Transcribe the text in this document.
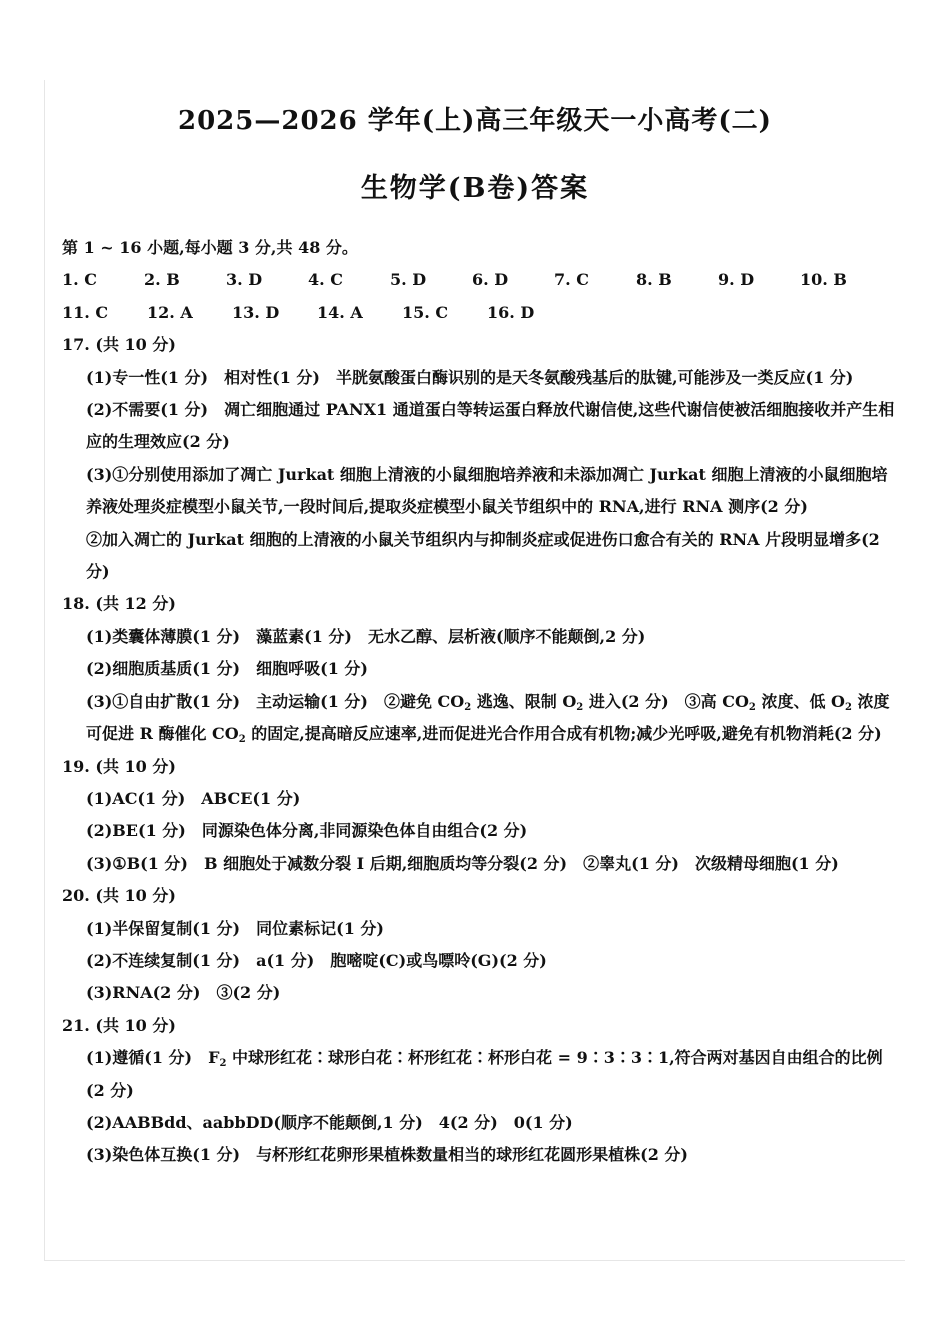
2025—2026 学年(上)高三年级天一小高考(二)
生物学(B卷)答案
第 1 ~ 16 小题,每小题 3 分,共 48 分。
1. C	2. B	3. D	4. C	5. D	6. D	7. C	8. B	9. D	10. B
11. C 12. A 13. D 14. A 15. C 16. D
17. (共 10 分)
(1)专一性(1 分)　相对性(1 分)　半胱氨酸蛋白酶识别的是天冬氨酸残基后的肽键,可能涉及一类反应(1 分)
(2)不需要(1 分)　凋亡细胞通过 PANX1 通道蛋白等转运蛋白释放代谢信使,这些代谢信使被活细胞接收并产生相应的生理效应(2 分)
(3)①分别使用添加了凋亡 Jurkat 细胞上清液的小鼠细胞培养液和未添加凋亡 Jurkat 细胞上清液的小鼠细胞培养液处理炎症模型小鼠关节,一段时间后,提取炎症模型小鼠关节组织中的 RNA,进行 RNA 测序(2 分)
②加入凋亡的 Jurkat 细胞的上清液的小鼠关节组织内与抑制炎症或促进伤口愈合有关的 RNA 片段明显增多(2 分)
18. (共 12 分)
(1)类囊体薄膜(1 分)　藻蓝素(1 分)　无水乙醇、层析液(顺序不能颠倒,2 分)
(2)细胞质基质(1 分)　细胞呼吸(1 分)
(3)①自由扩散(1 分)　主动运输(1 分)　②避免 $CO_2$ 逃逸、限制 $O_2$ 进入(2 分)　③高 $CO_2$ 浓度、低 $O_2$ 浓度可促进 R 酶催化 $CO_2$ 的固定,提高暗反应速率,进而促进光合作用合成有机物;减少光呼吸,避免有机物消耗(2 分)
19. (共 10 分)
(1)AC(1 分)　ABCE(1 分)
(2)BE(1 分)　同源染色体分离,非同源染色体自由组合(2 分)
(3)①B(1 分)　B 细胞处于减数分裂 Ⅰ 后期,细胞质均等分裂(2 分)　②睾丸(1 分)　次级精母细胞(1 分)
20. (共 10 分)
(1)半保留复制(1 分)　同位素标记(1 分)
(2)不连续复制(1 分)　a(1 分)　胞嘧啶(C)或鸟嘌呤(G)(2 分)
(3)RNA(2 分)　③(2 分)
21. (共 10 分)
(1)遵循(1 分)　$F_2$ 中球形红花∶球形白花∶杯形红花∶杯形白花 = 9∶3∶3∶1,符合两对基因自由组合的比例(2 分)
(2)AABBdd、aabbDD(顺序不能颠倒,1 分)　4(2 分)　0(1 分)
(3)染色体互换(1 分)　与杯形红花卵形果植株数量相当的球形红花圆形果植株(2 分)
